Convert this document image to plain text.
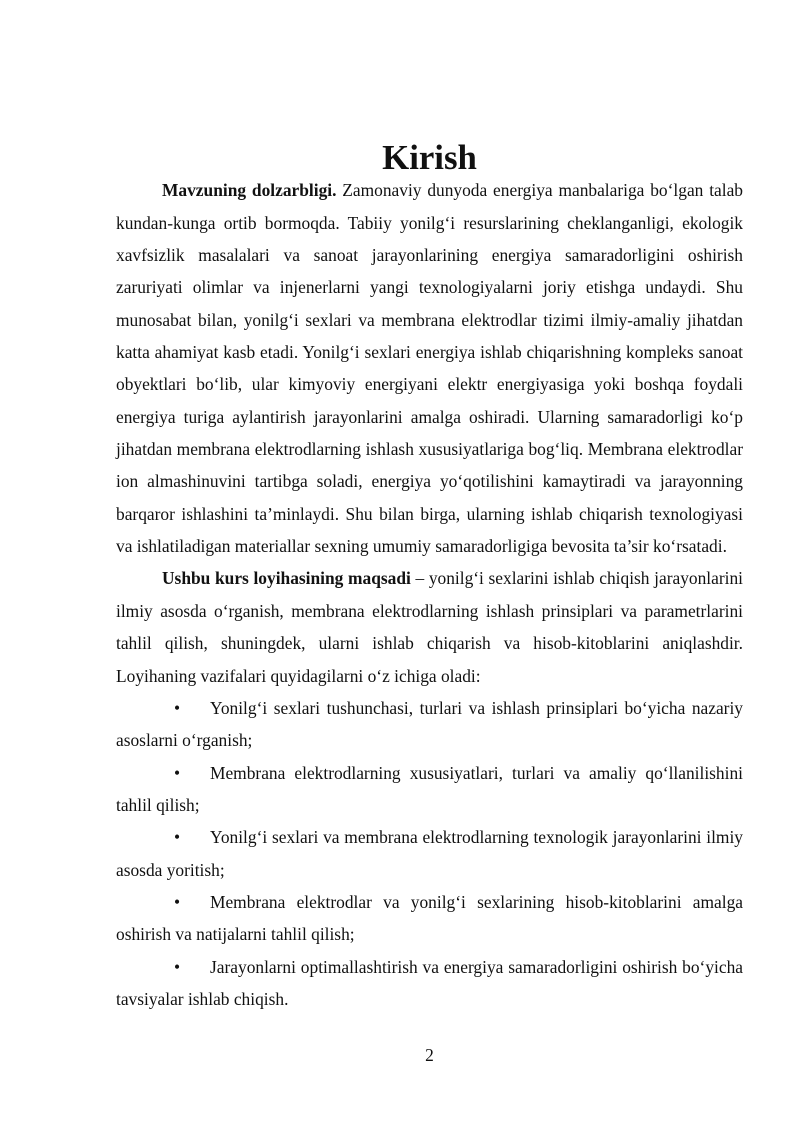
Kirish

Mavzuning dolzarbligi. Zamonaviy dunyoda energiya manbalariga bo‘lgan talab kundan-kunga ortib bormoqda. Tabiiy yonilg‘i resurslarining cheklanganligi, ekologik xavfsizlik masalalari va sanoat jarayonlarining energiya samaradorligini oshirish zaruriyati olimlar va injenerlarni yangi texnologiyalarni joriy etishga undaydi. Shu munosabat bilan, yonilg‘i sexlari va membrana elektrodlar tizimi ilmiy-amaliy jihatdan katta ahamiyat kasb etadi. Yonilg‘i sexlari energiya ishlab chiqarishning kompleks sanoat obyektlari bo‘lib, ular kimyoviy energiyani elektr energiyasiga yoki boshqa foydali energiya turiga aylantirish jarayonlarini amalga oshiradi. Ularning samaradorligi ko‘p jihatdan membrana elektrodlarning ishlash xususiyatlariga bog‘liq. Membrana elektrodlar ion almashinuvini tartibga soladi, energiya yo‘qotilishini kamaytiradi va jarayonning barqaror ishlashini ta’minlaydi. Shu bilan birga, ularning ishlab chiqarish texnologiyasi va ishlatiladigan materiallar sexning umumiy samaradorligiga bevosita ta’sir ko‘rsatadi.

Ushbu kurs loyihasining maqsadi – yonilg‘i sexlarini ishlab chiqish jarayonlarini ilmiy asosda o‘rganish, membrana elektrodlarning ishlash prinsiplari va parametrlarini tahlil qilish, shuningdek, ularni ishlab chiqarish va hisob-kitoblarini aniqlashdir. Loyihaning vazifalari quyidagilarni o‘z ichiga oladi:

• Yonilg‘i sexlari tushunchasi, turlari va ishlash prinsiplari bo‘yicha nazariy asoslarni o‘rganish;

• Membrana elektrodlarning xususiyatlari, turlari va amaliy qo‘llanilishini tahlil qilish;

• Yonilg‘i sexlari va membrana elektrodlarning texnologik jarayonlarini ilmiy asosda yoritish;

• Membrana elektrodlar va yonilg‘i sexlarining hisob-kitoblarini amalga oshirish va natijalarni tahlil qilish;

• Jarayonlarni optimallashtirish va energiya samaradorligini oshirish bo‘yicha tavsiyalar ishlab chiqish.

2
